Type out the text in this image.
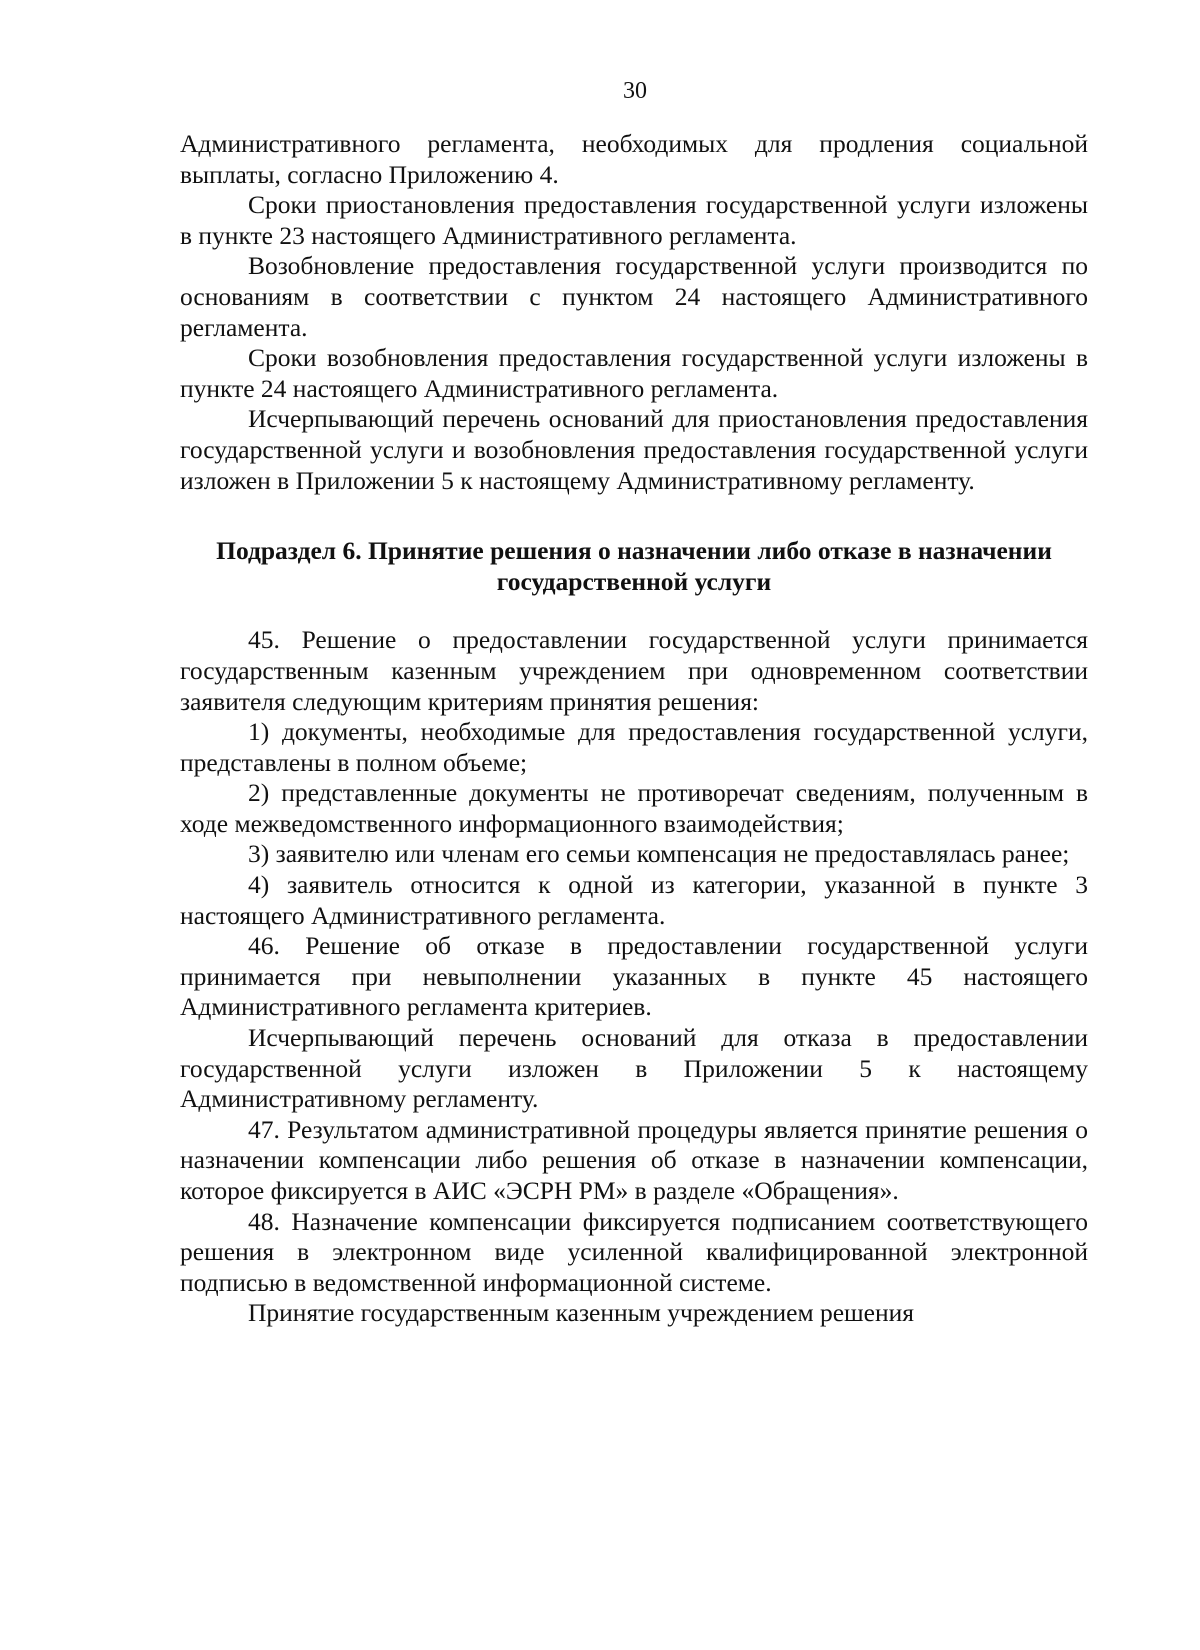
30

Административного регламента, необходимых для продления социальной выплаты, согласно Приложению 4.

Сроки приостановления предоставления государственной услуги изложены в пункте 23 настоящего Административного регламента.

Возобновление предоставления государственной услуги производится по основаниям в соответствии с пунктом 24 настоящего Административного регламента.

Сроки возобновления предоставления государственной услуги изложены в пункте 24 настоящего Административного регламента.

Исчерпывающий перечень оснований для приостановления предоставления государственной услуги и возобновления предоставления государственной услуги изложен в Приложении 5 к настоящему Административному регламенту.

Подраздел 6. Принятие решения о назначении либо отказе в назначении
государственной услуги

45. Решение о предоставлении государственной услуги принимается государственным казенным учреждением при одновременном соответствии заявителя следующим критериям принятия решения:

1) документы, необходимые для предоставления государственной услуги, представлены в полном объеме;

2) представленные документы не противоречат сведениям, полученным в ходе межведомственного информационного взаимодействия;

3) заявителю или членам его семьи компенсация не предоставлялась ранее;

4) заявитель относится к одной из категории, указанной в пункте 3 настоящего Административного регламента.

46. Решение об отказе в предоставлении государственной услуги принимается при невыполнении указанных в пункте 45 настоящего Административного регламента критериев.

Исчерпывающий перечень оснований для отказа в предоставлении государственной услуги изложен в Приложении 5 к настоящему Административному регламенту.

47. Результатом административной процедуры является принятие решения о назначении компенсации либо решения об отказе в назначении компенсации, которое фиксируется в АИС «ЭСРН РМ» в разделе «Обращения».

48. Назначение компенсации фиксируется подписанием соответствующего решения в электронном виде усиленной квалифицированной электронной подписью в ведомственной информационной системе.

Принятие государственным казенным учреждением решения
